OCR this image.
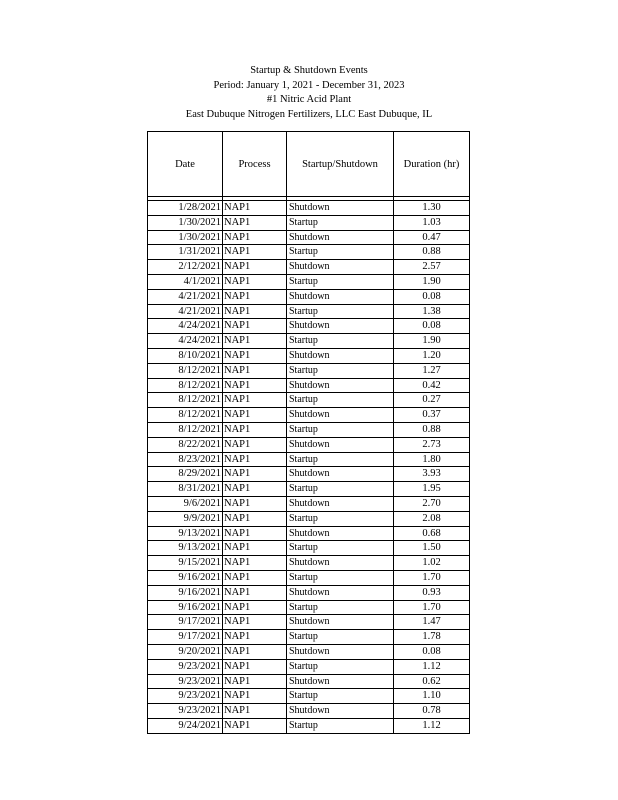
Startup & Shutdown Events
Period: January 1, 2021 - December 31, 2023
#1 Nitric Acid Plant
East Dubuque Nitrogen Fertilizers, LLC East Dubuque, IL
Date	Process	Startup/Shutdown	Duration (hr)

1/28/2021	NAP1	Shutdown	1.30
1/30/2021	NAP1	Startup	1.03
1/30/2021	NAP1	Shutdown	0.47
1/31/2021	NAP1	Startup	0.88
2/12/2021	NAP1	Shutdown	2.57
4/1/2021	NAP1	Startup	1.90
4/21/2021	NAP1	Shutdown	0.08
4/21/2021	NAP1	Startup	1.38
4/24/2021	NAP1	Shutdown	0.08
4/24/2021	NAP1	Startup	1.90
8/10/2021	NAP1	Shutdown	1.20
8/12/2021	NAP1	Startup	1.27
8/12/2021	NAP1	Shutdown	0.42
8/12/2021	NAP1	Startup	0.27
8/12/2021	NAP1	Shutdown	0.37
8/12/2021	NAP1	Startup	0.88
8/22/2021	NAP1	Shutdown	2.73
8/23/2021	NAP1	Startup	1.80
8/29/2021	NAP1	Shutdown	3.93
8/31/2021	NAP1	Startup	1.95
9/6/2021	NAP1	Shutdown	2.70
9/9/2021	NAP1	Startup	2.08
9/13/2021	NAP1	Shutdown	0.68
9/13/2021	NAP1	Startup	1.50
9/15/2021	NAP1	Shutdown	1.02
9/16/2021	NAP1	Startup	1.70
9/16/2021	NAP1	Shutdown	0.93
9/16/2021	NAP1	Startup	1.70
9/17/2021	NAP1	Shutdown	1.47
9/17/2021	NAP1	Startup	1.78
9/20/2021	NAP1	Shutdown	0.08
9/23/2021	NAP1	Startup	1.12
9/23/2021	NAP1	Shutdown	0.62
9/23/2021	NAP1	Startup	1.10
9/23/2021	NAP1	Shutdown	0.78
9/24/2021	NAP1	Startup	1.12
